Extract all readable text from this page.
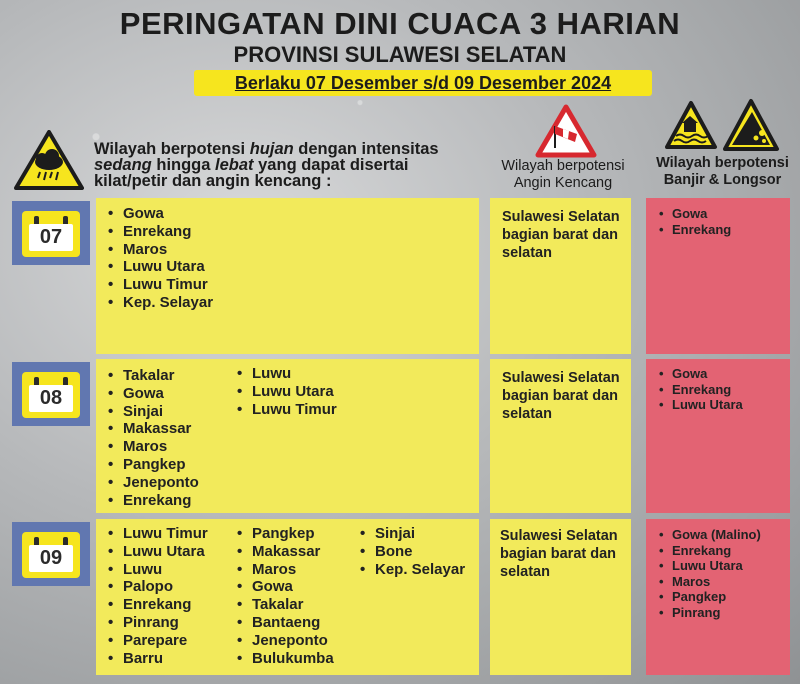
PERINGATAN DINI CUACA 3 HARIAN
PROVINSI SULAWESI SELATAN
Berlaku 07 Desember s/d 09 Desember 2024
Wilayah berpotensi hujan dengan intensitas sedang hingga lebat yang dapat disertai kilat/petir dan angin kencang :
Wilayah berpotensi Angin Kencang
Wilayah berpotensi Banjir & Longsor
07
• Gowa
• Enrekang
• Maros
• Luwu Utara
• Luwu Timur
• Kep. Selayar
Sulawesi Selatan bagian barat dan selatan
• Gowa
• Enrekang
08
• Takalar
• Gowa
• Sinjai
• Makassar
• Maros
• Pangkep
• Jeneponto
• Enrekang
• Luwu
• Luwu Utara
• Luwu Timur
Sulawesi Selatan bagian barat dan selatan
• Gowa
• Enrekang
• Luwu Utara
09
• Luwu Timur
• Luwu Utara
• Luwu
• Palopo
• Enrekang
• Pinrang
• Parepare
• Barru
• Pangkep
• Makassar
• Maros
• Gowa
• Takalar
• Bantaeng
• Jeneponto
• Bulukumba
• Sinjai
• Bone
• Kep. Selayar
Sulawesi Selatan bagian barat dan selatan
• Gowa (Malino)
• Enrekang
• Luwu Utara
• Maros
• Pangkep
• Pinrang
